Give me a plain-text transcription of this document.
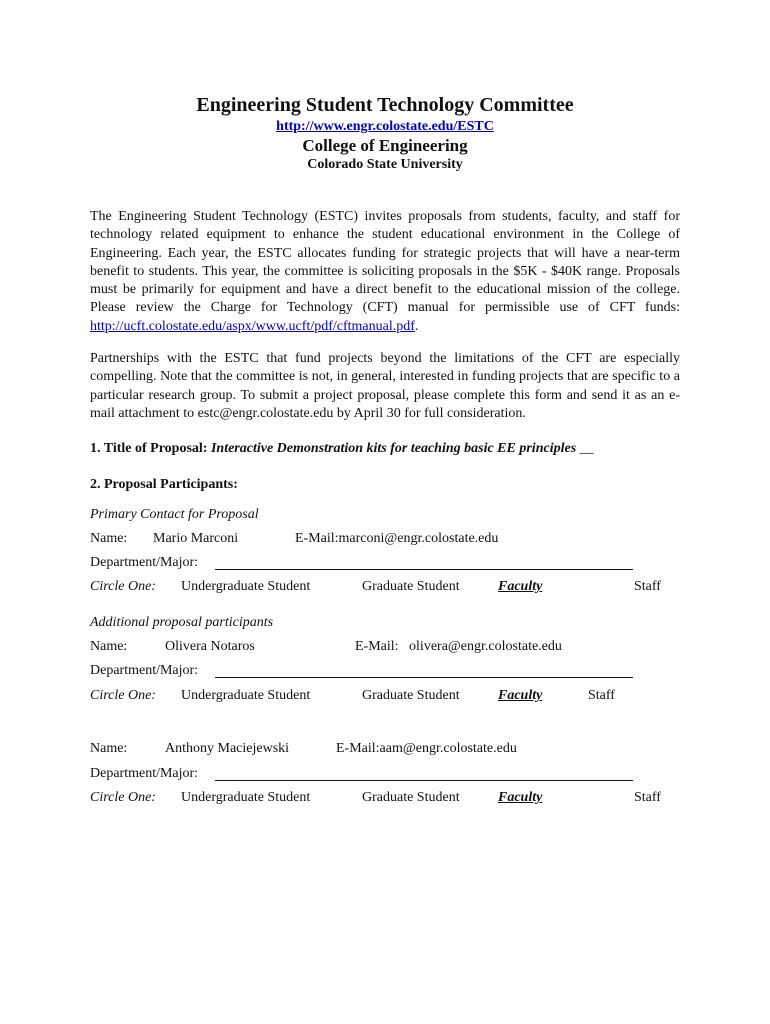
Engineering Student Technology Committee
http://www.engr.colostate.edu/ESTC
College of Engineering
Colorado State University
The Engineering Student Technology (ESTC) invites proposals from students, faculty, and staff for technology related equipment to enhance the student educational environment in the College of Engineering. Each year, the ESTC allocates funding for strategic projects that will have a near-term benefit to students. This year, the committee is soliciting proposals in the $5K - $40K range. Proposals must be primarily for equipment and have a direct benefit to the educational mission of the college. Please review the Charge for Technology (CFT) manual for permissible use of CFT funds: http://ucft.colostate.edu/aspx/www.ucft/pdf/cftmanual.pdf.
Partnerships with the ESTC that fund projects beyond the limitations of the CFT are especially compelling. Note that the committee is not, in general, interested in funding projects that are specific to a particular research group. To submit a project proposal, please complete this form and send it as an e-mail attachment to estc@engr.colostate.edu by April 30 for full consideration.
1. Title of Proposal: Interactive Demonstration kits for teaching basic EE principles __
2. Proposal Participants:
Primary Contact for Proposal
Name: Mario Marconi	E-Mail:marconi@engr.colostate.edu
Department/Major:
Circle One: Undergraduate Student	Graduate Student	Faculty	Staff
Additional proposal participants
Name:	Olivera Notaros	E-Mail:   olivera@engr.colostate.edu
Department/Major:
Circle One: Undergraduate Student	Graduate Student	Faculty	Staff
Name:	Anthony Maciejewski	E-Mail:aam@engr.colostate.edu
Department/Major:
Circle One: Undergraduate Student	Graduate Student	Faculty	Staff
